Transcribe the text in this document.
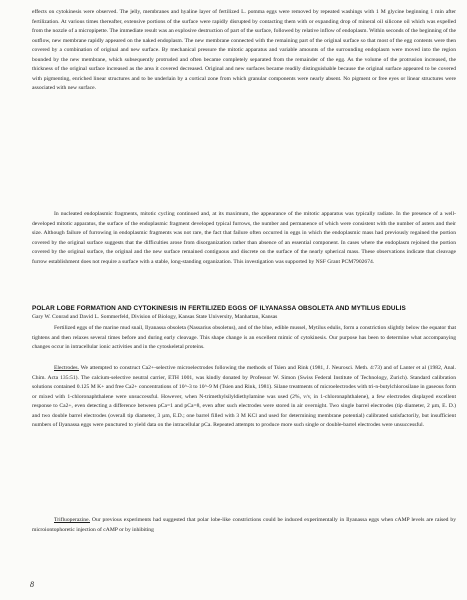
effects on cytokinesis were observed. The jelly, membranes and hyaline layer of fertilized L. pomma eggs were removed by repeated washings with 1 M glycine beginning 1 min after fertilization. At various times thereafter, extensive portions of the surface were rapidly disrupted by contacting them with or expanding drop of mineral oil silicone oil which was expelled from the nozzle of a micropipette. The immediate result was an explosive destruction of part of the surface, followed by relative inflow of endoplasm. Within seconds of the beginning of the outflow, new membrane rapidly appeared on the naked endoplasm. The new membrane connected with the remaining part of the original surface so that most of the egg contents were then covered by a combination of original and new surface. By mechanical pressure the mitotic apparatus and variable amounts of the surrounding endoplasm were moved into the region bounded by the new membrane, which subsequently protruded and often became completely separated from the remainder of the egg. As the volume of the protrusion increased, the thickness of the original surface increased as the area it covered decreased. Original and new surfaces became readily distinguishable because the original surface appeared to be covered with pigmenting, enriched linear structures and to be underlain by a cortical zone from which granular components were nearly absent. No pigment or free eyes or linear structures were associated with new surface.

In nucleated endoplasmic fragments, mitotic cycling continued and, at its maximum, the appearance of the mitotic apparatus was typically radiate. In the presence of a well-developed mitotic apparatus, the surface of the endoplasmic fragment developed typical furrows, the number and permanence of which were consistent with the number of asters and their size. Although failure of furrowing in endoplasmic fragments was not rare, the fact that failure often occurred in eggs in which the endoplasmic mass had previously regained the portion covered by the original surface suggests that the difficulties arose from disorganization rather than absence of an essential component. In cases where the endoplasm rejoined the portion covered by the original surface, the original and the new surface remained contiguous and discrete on the surface of the nearly spherical mass. These observations indicate that cleavage furrow establishment does not require a surface with a stable, long-standing organization. This investigation was supported by NSF Grant PCM7902674.

POLAR LOBE FORMATION AND CYTOKINESIS IN FERTILIZED EGGS OF ILYANASSA OBSOLETA AND MYTILUS EDULIS
Gary W. Conrad and David L. Sommerfeld, Division of Biology, Kansas State University, Manhattan, Kansas

Fertilized eggs of the marine mud snail, Ilyanassa obsoleta (Nassarius obsoletus), and of the blue, edible mussel, Mytilus edulis, form a constriction slightly below the equator that tightens and then relaxes several times before and during early cleavage. This shape change is an excellent mimic of cytokinesis. Our purpose has been to determine what accompanying changes occur in intracellular ionic activities and in the cytoskeletal proteins.

Electrodes. We attempted to construct Ca2+-selective microelectrodes following the methods of Tsien and Rink (1981, J. Neurosci. Meth. 4:73) and of Lanter et al (1982, Anal. Chim. Acta 135:51). The calcium-selective neutral carrier, ETH 1001, was kindly donated by Professor W. Simon (Swiss Federal Institute of Technology, Zurich). Standard calibration solutions contained 0.125 M K+ and free Ca2+ concentrations of 10^-3 to 10^-9 M (Tsien and Rink, 1981). Silane treatments of microelectrodes with tri-n-butylchlorosilane in gaseous form or mixed with 1-chloronaphthalene were unsuccessful. However, when N-trimethylsilyldiethylamine was used (2%, v/v, in 1-chloronaphthalene), a few electrodes displayed excellent response to Ca2+, even detecting a difference between pCa=1 and pCa=8, even after such electrodes were stored in air overnight. Two single barrel electrodes (tip diameter, 2 µm, E. D.) and two double barrel electrodes (overall tip diameter, 3 µm, E.D.; one barrel filled with 3 M KCl and used for determining membrane potential) calibrated satisfactorily, but insufficient numbers of Ilyanassa eggs were punctured to yield data on the intracellular pCa. Repeated attempts to produce more such single or double-barrel electrodes were unsuccessful.

Trifluoperazine. Our previous experiments had suggested that polar lobe-like constrictions could be induced experimentally in Ilyanassa eggs when cAMP levels are raised by microiontophoretic injection of cAMP or by inhibiting

8
